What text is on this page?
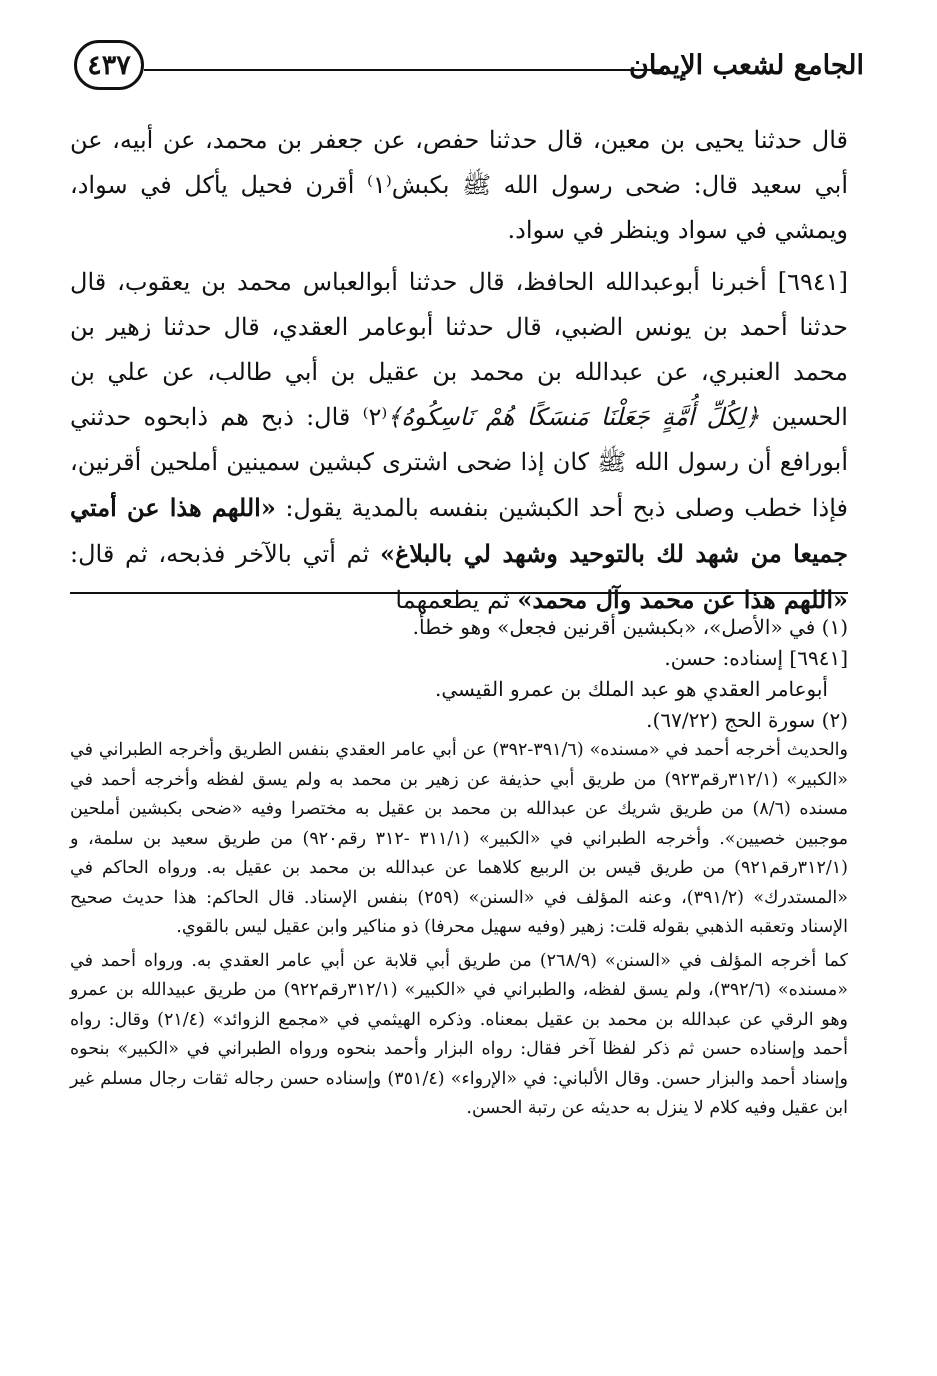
٤٣٧	الجامع لشعب الإيمان

قال حدثنا يحيى بن معين، قال حدثنا حفص، عن جعفر بن محمد، عن أبيه، عن أبي سعيد قال: ضحى رسول الله ﷺ بكبش⁽١⁾ أقرن فحيل يأكل في سواد، ويمشي في سواد وينظر في سواد.

[٦٩٤١] أخبرنا أبوعبدالله الحافظ، قال حدثنا أبوالعباس محمد بن يعقوب، قال حدثنا أحمد بن يونس الضبي، قال حدثنا أبوعامر العقدي، قال حدثنا زهير بن محمد العنبري، عن عبدالله بن محمد بن عقيل بن أبي طالب، عن علي بن الحسين ﴿لِكُلِّ أُمَّةٍ جَعَلْنَا مَنسَكًا هُمْ نَاسِكُوهُ﴾⁽٢⁾ قال: ذبح هم ذابحوه حدثني أبورافع أن رسول الله ﷺ كان إذا ضحى اشترى كبشين سمينين أملحين أقرنين، فإذا خطب وصلى ذبح أحد الكبشين بنفسه بالمدية يقول: «اللهم هذا عن أمتي جميعا من شهد لك بالتوحيد وشهد لي بالبلاغ» ثم أتي بالآخر فذبحه، ثم قال: «اللهم هذا عن محمد وآل محمد» ثم يطعمهما

(١) في «الأصل»، «بكبشين أقرنين فجعل» وهو خطأ.

[٦٩٤١] إسناده: حسن.

أبوعامر العقدي هو عبد الملك بن عمرو القيسي.

(٢) سورة الحج (٦٧/٢٢).

والحديث أخرجه أحمد في «مسنده» (٣٩١/٦-٣٩٢) عن أبي عامر العقدي بنفس الطريق وأخرجه الطبراني في «الكبير» (٣١٢/١رقم٩٢٣) من طريق أبي حذيفة عن زهير بن محمد به ولم يسق لفظه وأخرجه أحمد في مسنده (٨/٦) من طريق شريك عن عبدالله بن محمد بن عقيل به مختصرا وفيه «ضحى بكبشين أملحين موجبين خصيين». وأخرجه الطبراني في «الكبير» (٣١١/١ -٣١٢ رقم٩٢٠) من طريق سعيد بن سلمة، و (٣١٢/١رقم٩٢١) من طريق قيس بن الربيع كلاهما عن عبدالله بن محمد بن عقيل به. ورواه الحاكم في «المستدرك» (٣٩١/٢)، وعنه المؤلف في «السنن» (٢٥٩) بنفس الإسناد. قال الحاكم: هذا حديث صحيح الإسناد وتعقبه الذهبي بقوله قلت: زهير (وفيه سهيل محرفا) ذو مناكير وابن عقيل ليس بالقوي.

كما أخرجه المؤلف في «السنن» (٢٦٨/٩) من طريق أبي قلابة عن أبي عامر العقدي به. ورواه أحمد في «مسنده» (٣٩٢/٦)، ولم يسق لفظه، والطبراني في «الكبير» (٣١٢/١رقم٩٢٢) من طريق عبيدالله بن عمرو وهو الرقي عن عبدالله بن محمد بن عقيل بمعناه. وذكره الهيثمي في «مجمع الزوائد» (٢١/٤) وقال: رواه أحمد وإسناده حسن ثم ذكر لفظا آخر فقال: رواه البزار وأحمد بنحوه ورواه الطبراني في «الكبير» بنحوه وإسناد أحمد والبزار حسن. وقال الألباني: في «الإرواء» (٣٥١/٤) وإسناده حسن رجاله ثقات رجال مسلم غير ابن عقيل وفيه كلام لا ينزل به حديثه عن رتبة الحسن.
